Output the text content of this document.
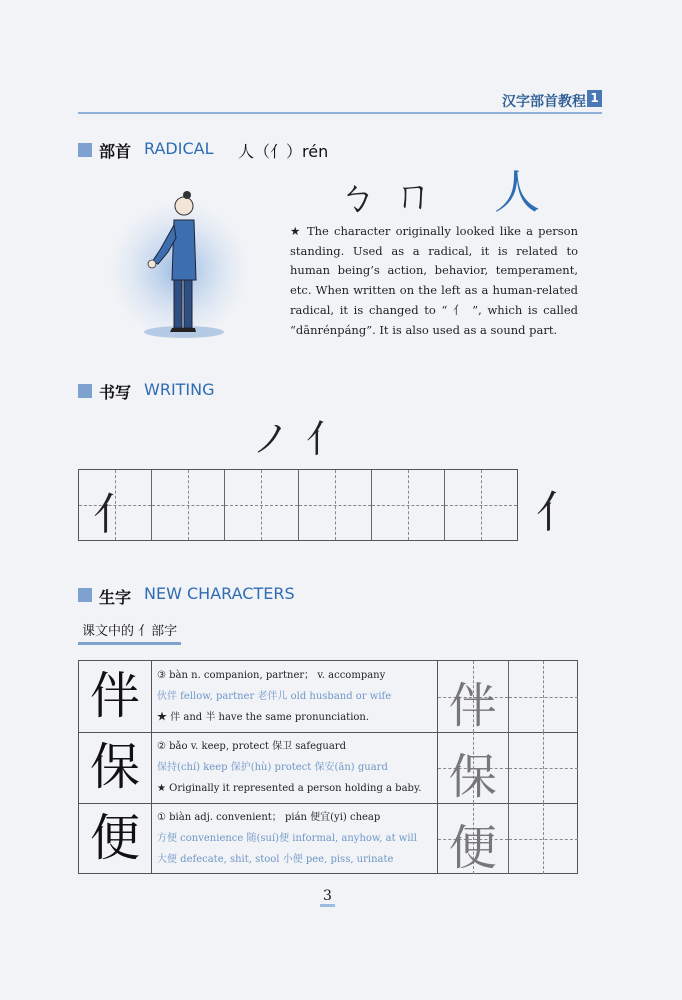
汉字部首教程 1
部首 RADICAL 人（亻）rén
ㄅ ㄇ 人
★ The character originally looked like a person standing. Used as a radical, it is related to human being’s action, behavior, temperament, etc. When written on the left as a human-related radical, it is changed to “ 亻 ”, which is called “dānrénpáng”. It is also used as a sound part.
书写 WRITING
ノ亻
亻	亻
生字 NEW CHARACTERS
课文中的 亻部字
伴	③ bàn n. companion, partner； v. accompany
伙伴 fellow, partner 老伴儿 old husband or wife
★ 伴 and 半 have the same pronunciation.	伴
保	② bǎo v. keep, protect 保卫 safeguard
保持(chí) keep 保护(hù) protect 保安(ān) guard
★ Originally it represented a person holding a baby. 保
便	① biàn adj. convenient； pián 便宜(yi) cheap
方便 convenience 随(suí)便 informal, anyhow, at will
大便 defecate, shit, stool 小便 pee, piss, urinate	便
3
